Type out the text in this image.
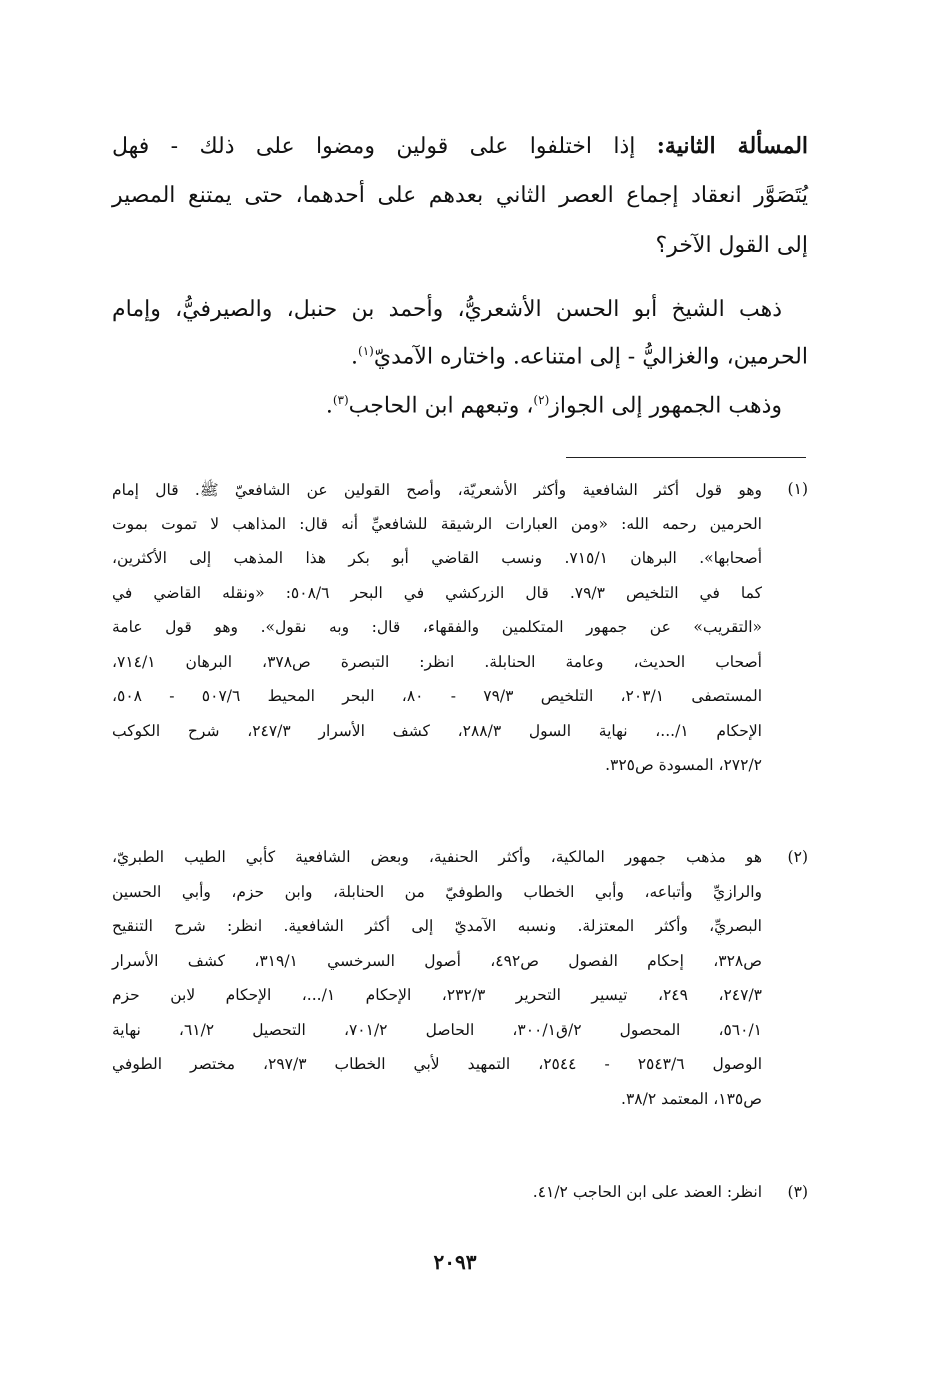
المسألة الثانية: إذا اختلفوا على قولين ومضوا على ذلك - فهل
يُتَصَوَّر انعقاد إجماع العصر الثاني بعدهم على أحدهما، حتى يمتنع المصير
إلى القول الآخر؟
ذهب الشيخ أبو الحسن الأشعريُّ، وأحمد بن حنبل، والصيرفيُّ، وإمام
الحرمين، والغزاليُّ - إلى امتناعه. واختاره الآمديّ$^{(١)}$.
وذهب الجمهور إلى الجواز$^{(٢)}$، وتبعهم ابن الحاجب$^{(٣)}$.
(١)
وهو قول أكثر الشافعية وأكثر الأشعريّة، وأصح القولين عن الشافعيّ ﷺ. قال إمام
الحرمين رحمه الله: «ومن العبارات الرشيقة للشافعيِّ أنه قال: المذاهب لا تموت بموت
أصحابها». البرهان ٧١٥/١. ونسب القاضي أبو بكر هذا المذهب إلى الأكثرين،
كما في التلخيص ٧٩/٣. قال الزركشي في البحر ٥٠٨/٦: «ونقله القاضي في
«التقريب» عن جمهور المتكلمين والفقهاء، قال: وبه نقول». وهو قول عامة
أصحاب الحديث، وعامة الحنابلة. انظر: التبصرة ص٣٧٨، البرهان ٧١٤/١،
المستصفى ٢٠٣/١، التلخيص ٧٩/٣ - ٨٠، البحر المحيط ٥٠٧/٦ - ٥٠٨،
الإحكام ١/...، نهاية السول ٢٨٨/٣، كشف الأسرار ٢٤٧/٣، شرح الكوكب
٢٧٢/٢، المسودة ص٣٢٥.
(٢)
هو مذهب جمهور المالكية، وأكثر الحنفية، وبعض الشافعية كأبي الطيب الطبريّ،
والرازيِّ وأتباعه، وأبي الخطاب والطوفيّ من الحنابلة، وابن حزم، وأبي الحسين
البصريِّ، وأكثر المعتزلة. ونسبه الآمديّ إلى أكثر الشافعية. انظر: شرح التنقيح
ص٣٢٨، إحكام الفصول ص٤٩٢، أصول السرخسي ٣١٩/١، كشف الأسرار
٢٤٧/٣، ٢٤٩، تيسير التحرير ٢٣٢/٣، الإحكام ١/...، الإحكام لابن حزم
٥٦٠/١، المحصول ٢/ق٣٠٠/١، الحاصل ٧٠١/٢، التحصيل ٦١/٢، نهاية
الوصول ٢٥٤٣/٦ - ٢٥٤٤، التمهيد لأبي الخطاب ٢٩٧/٣، مختصر الطوفي
ص١٣٥، المعتمد ٣٨/٢.
(٣)
انظر: العضد على ابن الحاجب ٤١/٢.
٢٠٩٣
